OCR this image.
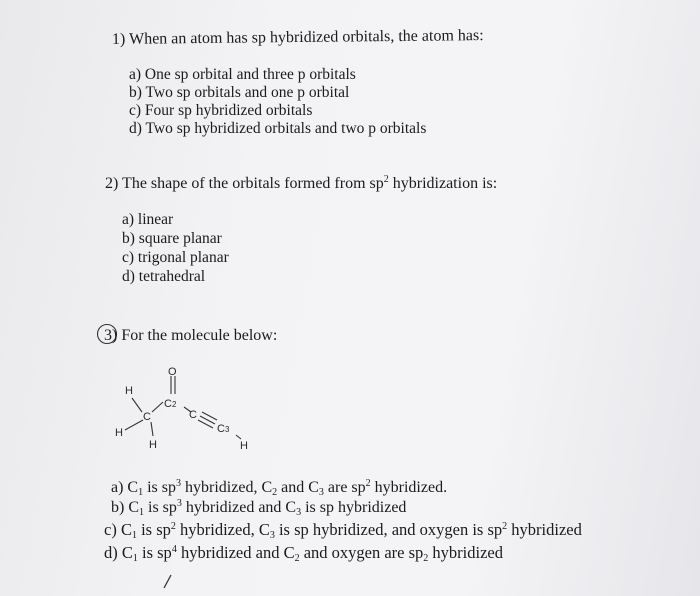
1) When an atom has sp hybridized orbitals, the atom has:
a) One sp orbital and three p orbitals
b) Two sp orbitals and one p orbital
c) Four sp hybridized orbitals
d) Two sp hybridized orbitals and two p orbitals
2) The shape of the orbitals formed from $sp^2$ hybridization is:
a) linear
b) square planar
c) trigonal planar
d) tetrahedral
3) For the molecule below:
O
H
C
C2
C
C3
H
H	H
a) $C_1$ is $sp^3$ hybridized, $C_2$ and $C_3$ are $sp^2$ hybridized.
b) $C_1$ is $sp^3$ hybridized and $C_3$ is sp hybridized
c) $C_1$ is $sp^2$ hybridized, $C_3$ is sp hybridized, and oxygen is $sp^2$ hybridized
d) $C_1$ is $sp^4$ hybridized and $C_2$ and oxygen are $sp_2$ hybridized
